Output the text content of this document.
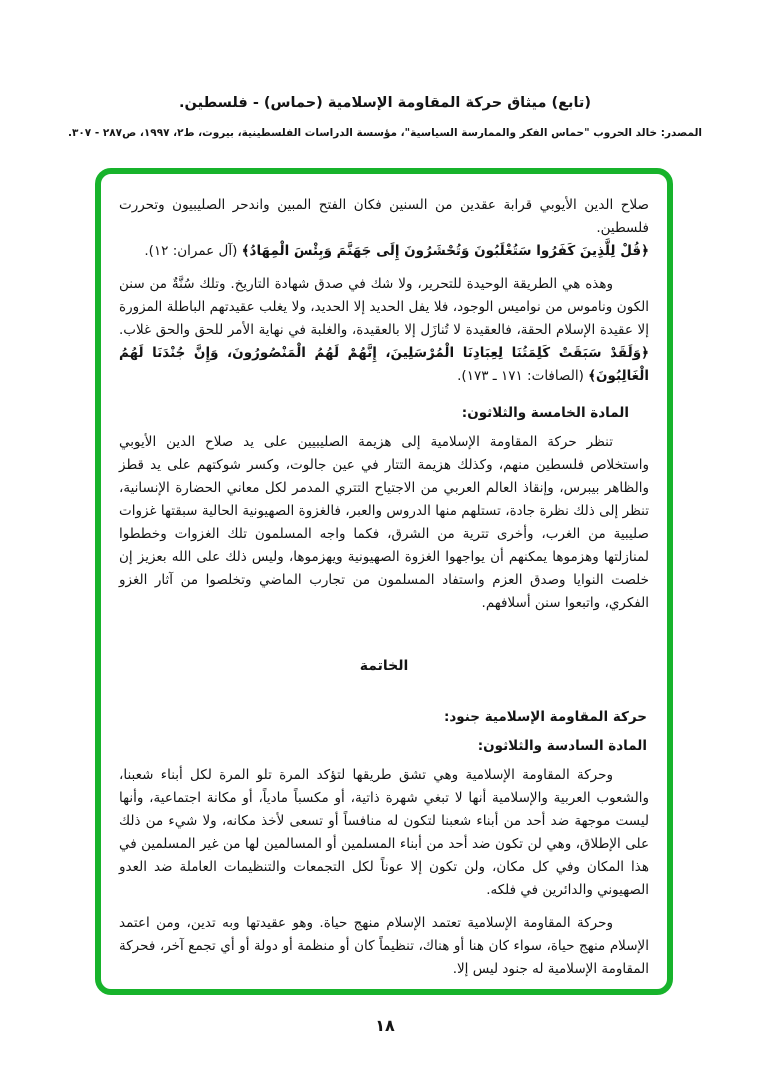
(تابع) ميثاق حركة المقاومة الإسلامية (حماس) - فلسطين.
المصدر: خالد الحروب "حماس الفكر والممارسة السياسية"، مؤسسة الدراسات الفلسطينية، بيروت، ط٢، ١٩٩٧، ص٢٨٧ - ٣٠٧.

صلاح الدين الأيوبي قرابة عقدين من السنين فكان الفتح المبين واندحر الصليبيون وتحررت فلسطين.

﴿قُلْ لِلَّذِينَ كَفَرُوا سَتُغْلَبُونَ وَتُحْشَرُونَ إِلَى جَهَنَّمَ وَبِئْسَ الْمِهَادُ﴾ (آل عمران: ١٢).

وهذه هي الطريقة الوحيدة للتحرير، ولا شك في صدق شهادة التاريخ. وتلك سُنَّةٌ من سنن الكون وناموس من نواميس الوجود، فلا يفل الحديد إلا الحديد، ولا يغلب عقيدتهم الباطلة المزورة إلا عقيدة الإسلام الحقة، فالعقيدة لا تُنازَل إلا بالعقيدة، والغلبة في نهاية الأمر للحق والحق غلاب. ﴿وَلَقَدْ سَبَقَتْ كَلِمَتُنَا لِعِبَادِنَا الْمُرْسَلِينَ، إِنَّهُمْ لَهُمُ الْمَنْصُورُونَ، وَإِنَّ جُنْدَنَا لَهُمُ الْغَالِبُونَ﴾ (الصافات: ١٧١ ـ ١٧٣).

المادة الخامسة والثلاثون:

تنظر حركة المقاومة الإسلامية إلى هزيمة الصليبيين على يد صلاح الدين الأيوبي واستخلاص فلسطين منهم، وكذلك هزيمة التتار في عين جالوت، وكسر شوكتهم على يد قطز والظاهر بيبرس، وإنقاذ العالم العربي من الاجتياح التتري المدمر لكل معاني الحضارة الإنسانية، تنظر إلى ذلك نظرة جادة، تستلهم منها الدروس والعبر، فالغزوة الصهيونية الحالية سبقتها غزوات صليبية من الغرب، وأخرى تترية من الشرق، فكما واجه المسلمون تلك الغزوات وخططوا لمنازلتها وهزموها يمكنهم أن يواجهوا الغزوة الصهيونية ويهزموها، وليس ذلك على الله بعزيز إن خلصت النوايا وصدق العزم واستفاد المسلمون من تجارب الماضي وتخلصوا من آثار الغزو الفكري، واتبعوا سنن أسلافهم.

الخاتمة

حركة المقاومة الإسلامية جنود:

المادة السادسة والثلاثون:

وحركة المقاومة الإسلامية وهي تشق طريقها لتؤكد المرة تلو المرة لكل أبناء شعبنا، والشعوب العربية والإسلامية أنها لا تبغي شهرة ذاتية، أو مكسباً مادياً، أو مكانة اجتماعية، وأنها ليست موجهة ضد أحد من أبناء شعبنا لتكون له منافساً أو تسعى لأخذ مكانه، ولا شيء من ذلك على الإطلاق، وهي لن تكون ضد أحد من أبناء المسلمين أو المسالمين لها من غير المسلمين في هذا المكان وفي كل مكان، ولن تكون إلا عوناً لكل التجمعات والتنظيمات العاملة ضد العدو الصهيوني والدائرين في فلكه.

وحركة المقاومة الإسلامية تعتمد الإسلام منهج حياة. وهو عقيدتها وبه تدين، ومن اعتمد الإسلام منهج حياة، سواء كان هنا أو هناك، تنظيماً كان أو منظمة أو دولة أو أي تجمع آخر، فحركة المقاومة الإسلامية له جنود ليس إلا.

١٨
